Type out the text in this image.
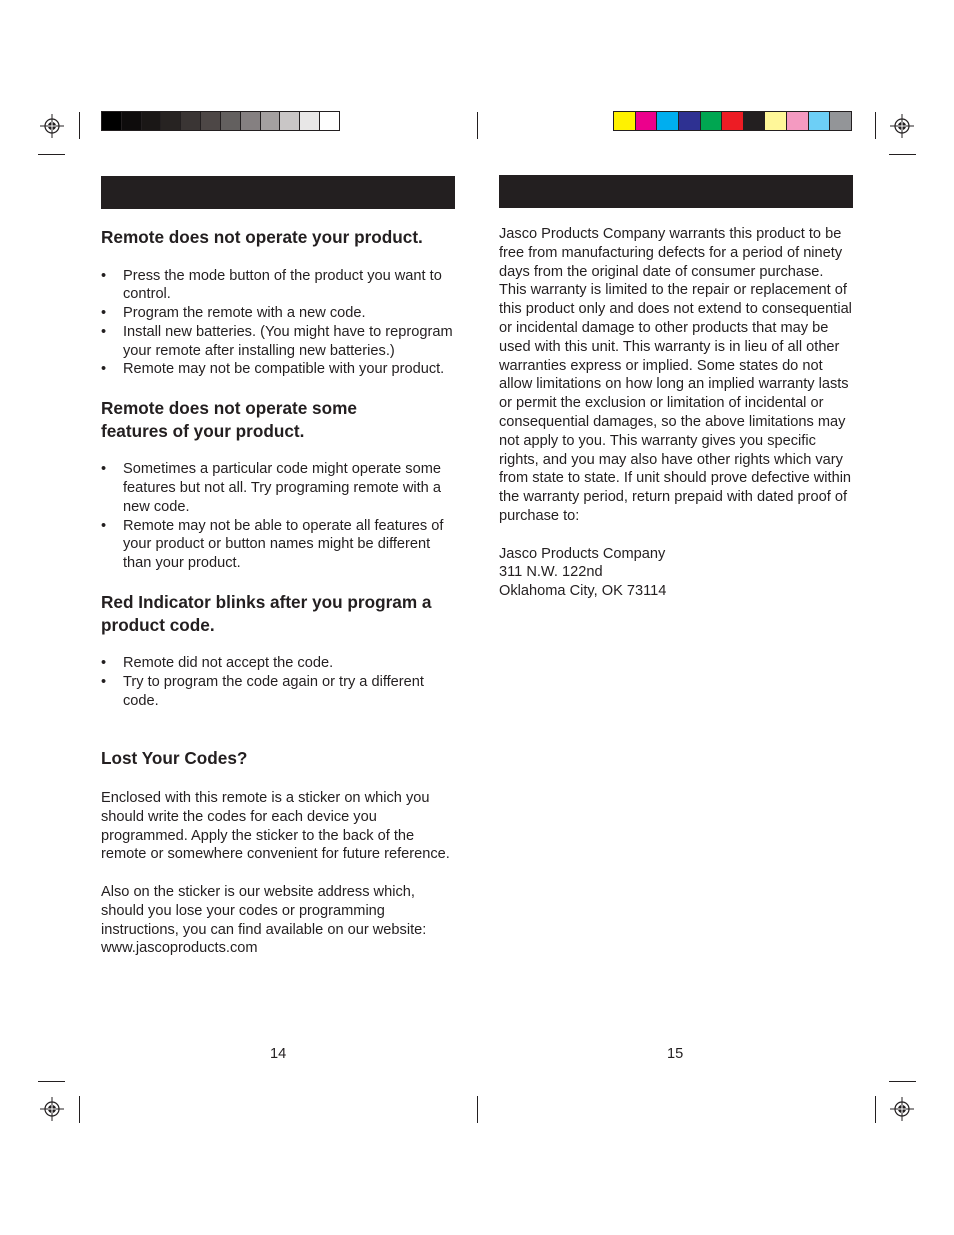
Remote does not operate your product.
• Press the mode button of the product you want to control.
• Program the remote with a new code.
• Install new batteries. (You might have to reprogram your remote after installing new batteries.)
• Remote may not be compatible with your product.
Remote does not operate some features of your product.
• Sometimes a particular code might operate some features but not all. Try programing remote with a new code.
• Remote may not be able to operate all features of your product or button names might be different than your product.
Red Indicator blinks after you program a product code.
• Remote did not accept the code.
• Try to program the code again or try a different code.
Lost Your Codes?

Enclosed with this remote is a sticker on which you should write the codes for each device you programmed. Apply the sticker to the back of the remote or somewhere convenient for future reference.

Also on the sticker is our website address which, should you lose your codes or programming instructions, you can find available on our website: www.jascoproducts.com

Jasco Products Company warrants this product to be free from manufacturing defects for a period of ninety days from the original date of consumer purchase. This warranty is limited to the repair or replacement of this product only and does not extend to consequential or incidental damage to other products that may be used with this unit. This warranty is in lieu of all other warranties express or implied. Some states do not allow limitations on how long an implied warranty lasts or permit the exclusion or limitation of incidental or consequential damages, so the above limitations may not apply to you. This warranty gives you specific rights, and you may also have other rights which vary from state to state. If unit should prove defective within the warranty period, return prepaid with dated proof of purchase to:

Jasco Products Company
311 N.W. 122nd
Oklahoma City, OK 73114
14	15
